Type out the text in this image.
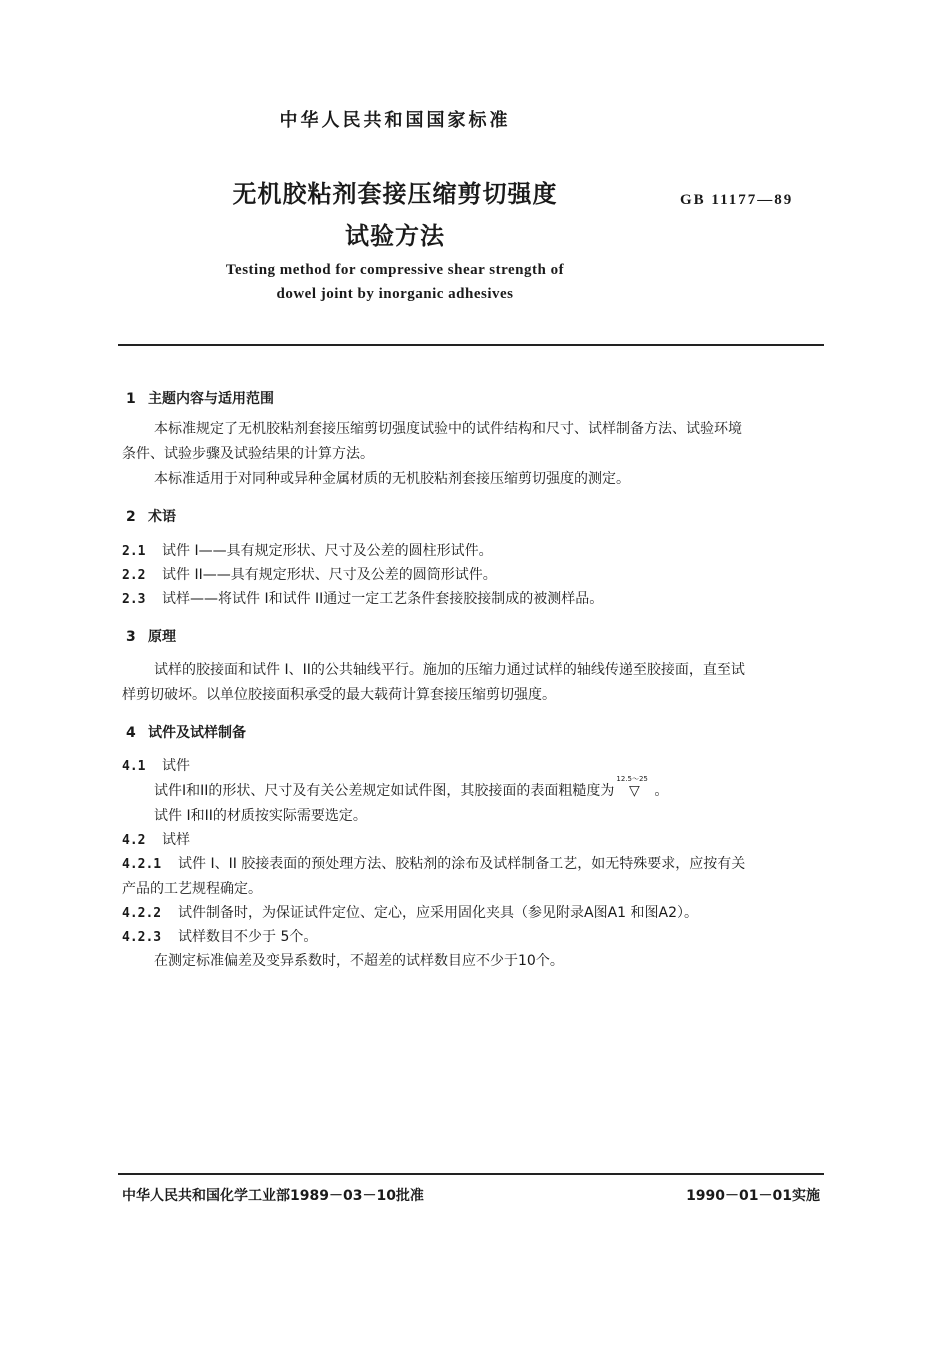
中华人民共和国国家标准
无机胶粘剂套接压缩剪切强度
试验方法
GB 11177—89
Testing method for compressive shear strength of
dowel joint by inorganic adhesives
1 主题内容与适用范围
本标准规定了无机胶粘剂套接压缩剪切强度试验中的试件结构和尺寸、试样制备方法、试验环境
条件、试验步骤及试验结果的计算方法。
本标准适用于对同种或异种金属材质的无机胶粘剂套接压缩剪切强度的测定。
2 术语
2.1 试件 I——具有规定形状、尺寸及公差的圆柱形试件。
2.2 试件 II——具有规定形状、尺寸及公差的圆筒形试件。
2.3 试样——将试件 I和试件 II通过一定工艺条件套接胶接制成的被测样品。
3 原理
试样的胶接面和试件 I、II的公共轴线平行。施加的压缩力通过试样的轴线传递至胶接面，直至试
样剪切破坏。以单位胶接面积承受的最大载荷计算套接压缩剪切强度。
4 试件及试样制备
4.1 试件
试件I和II的形状、尺寸及有关公差规定如试件图，其胶接面的表面粗糙度为
12.5～25
▽ 。
试件 I和II的材质按实际需要选定。
4.2 试样
4.2.1 试件 I、II 胶接表面的预处理方法、胶粘剂的涂布及试样制备工艺，如无特殊要求，应按有关
产品的工艺规程确定。
4.2.2 试件制备时，为保证试件定位、定心，应采用固化夹具（参见附录A图A1 和图A2）。
4.2.3 试样数目不少于 5个。
在测定标准偏差及变异系数时，不超差的试样数目应不少于10个。
中华人民共和国化学工业部1989－03－10批准	1990－01－01实施
